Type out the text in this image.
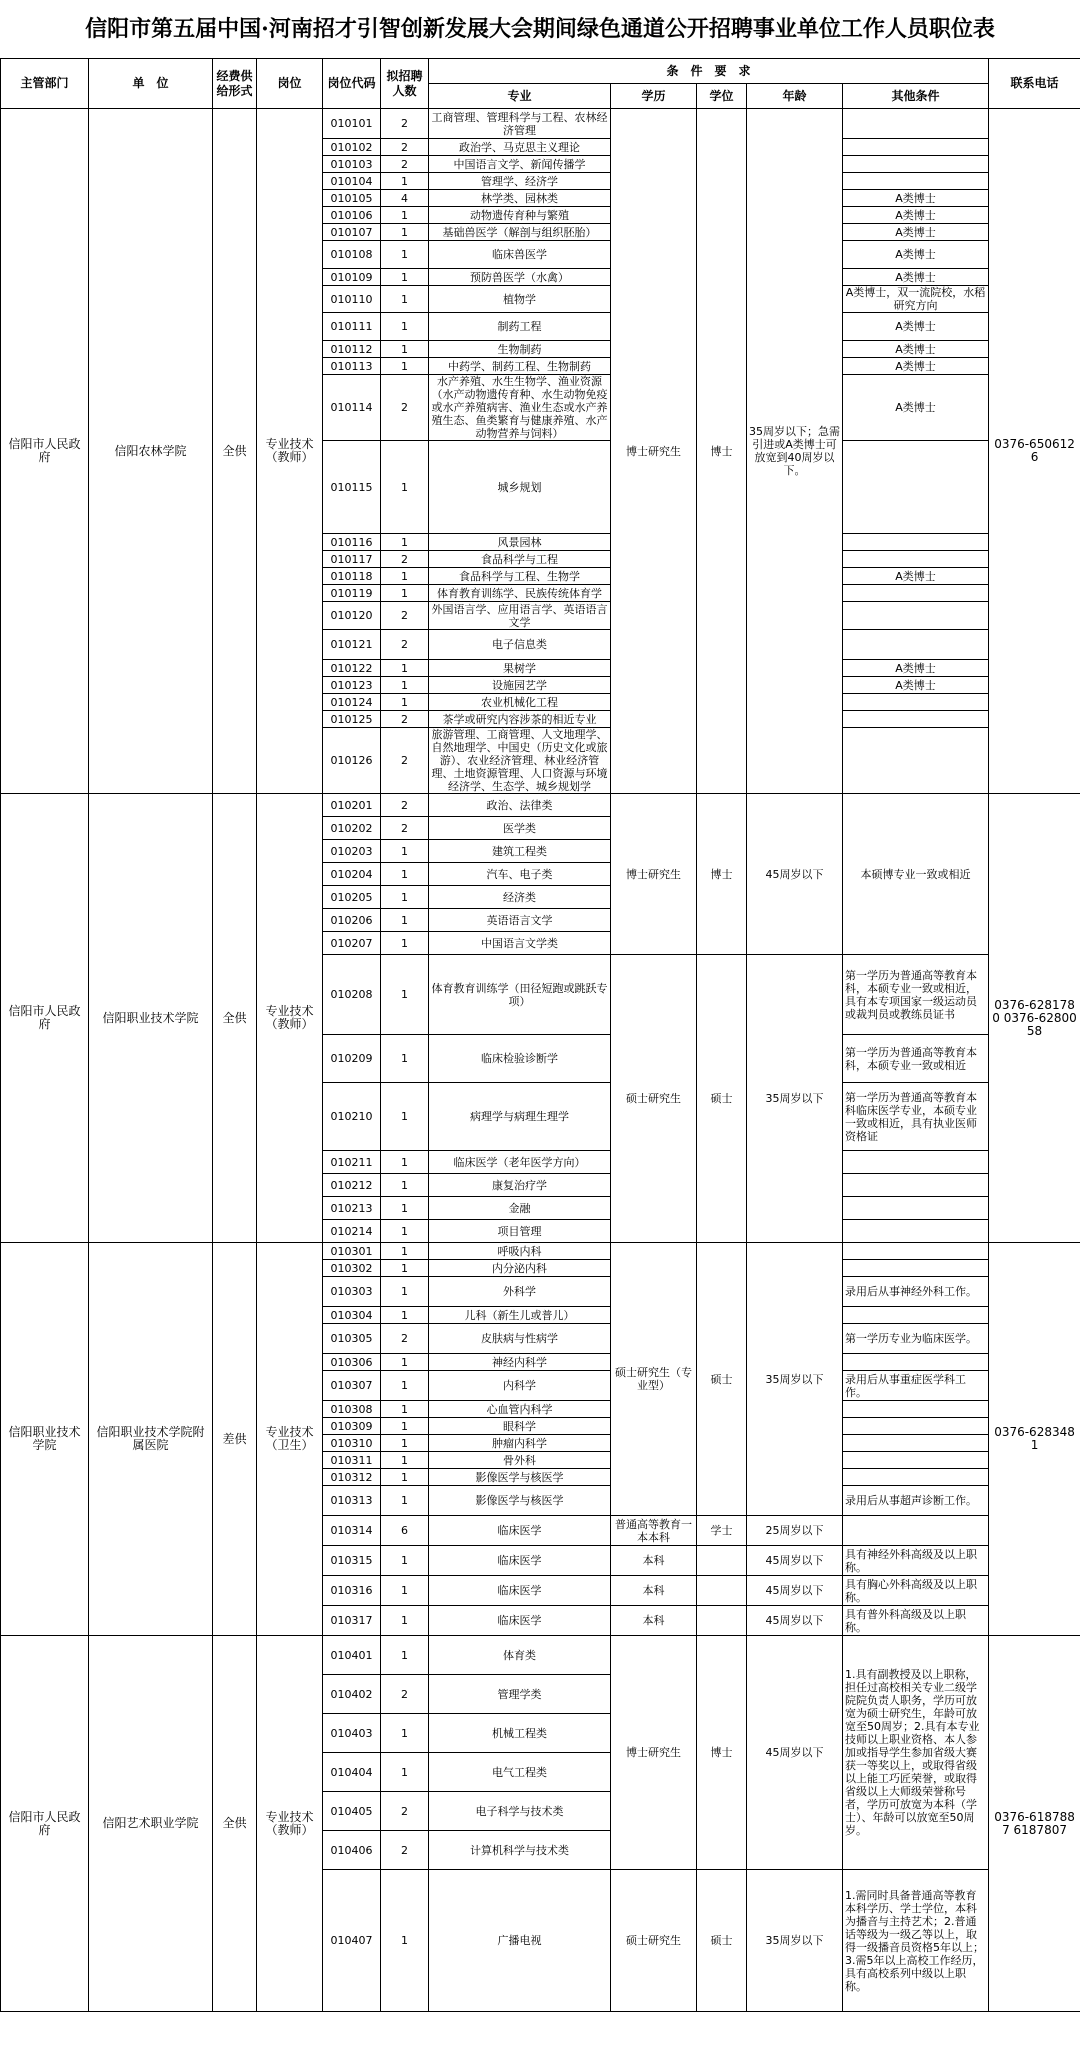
信阳市第五届中国·河南招才引智创新发展大会期间绿色通道公开招聘事业单位工作人员职位表
主管部门	单　位	经费供给形式	岗位	岗位代码	拟招聘人数	条　件　要　求					联系电话
						专业	学历	学位	年龄	其他条件	
信阳市人民政府	信阳农林学院	全供	专业技术（教师）	010101	2	工商管理、管理科学与工程、农林经济管理	博士研究生	博士	35周岁以下；急需引进或A类博士可放宽到40周岁以下。		0376-6506126
				010102	2	政治学、马克思主义理论					
				010103	2	中国语言文学、新闻传播学					
				010104	1	管理学、经济学					
				010105	4	林学类、园林类				A类博士	
				010106	1	动物遗传育种与繁殖				A类博士	
				010107	1	基础兽医学（解剖与组织胚胎）				A类博士	
				010108	1	临床兽医学				A类博士	
				010109	1	预防兽医学（水禽）				A类博士	
				010110	1	植物学				A类博士，双一流院校，水稻研究方向	
				010111	1	制药工程				A类博士	
				010112	1	生物制药				A类博士	
				010113	1	中药学、制药工程、生物制药				A类博士	
				010114	2	水产养殖、水生生物学、渔业资源（水产动物遗传育种、水生动物免疫或水产养殖病害、渔业生态或水产养殖生态、鱼类繁育与健康养殖、水产动物营养与饲料）				A类博士	
				010115	1	城乡规划					
				010116	1	风景园林					
				010117	2	食品科学与工程					
				010118	1	食品科学与工程、生物学				A类博士	
				010119	1	体育教育训练学、民族传统体育学					
				010120	2	外国语言学、应用语言学、英语语言文学					
				010121	2	电子信息类					
				010122	1	果树学				A类博士	
				010123	1	设施园艺学				A类博士	
				010124	1	农业机械化工程					
				010125	2	茶学或研究内容涉茶的相近专业					
				010126	2	旅游管理、工商管理、人文地理学、自然地理学、中国史（历史文化或旅游）、农业经济管理、林业经济管理、土地资源管理、人口资源与环境经济学、生态学、城乡规划学					
信阳市人民政府	信阳职业技术学院	全供	专业技术（教师）	010201	2	政治、法律类	博士研究生	博士	45周岁以下	本硕博专业一致或相近	0376-6281780 0376-6280058
				010202	2	医学类					
				010203	1	建筑工程类					
				010204	1	汽车、电子类					
				010205	1	经济类					
				010206	1	英语语言文学					
				010207	1	中国语言文学类					
				010208	1	体育教育训练学（田径短跑或跳跃专项）	硕士研究生	硕士	35周岁以下	第一学历为普通高等教育本科，本硕专业一致或相近，具有本专项国家一级运动员或裁判员或教练员证书	
				010209	1	临床检验诊断学				第一学历为普通高等教育本科，本硕专业一致或相近	
				010210	1	病理学与病理生理学				第一学历为普通高等教育本科临床医学专业，本硕专业一致或相近，具有执业医师资格证	
				010211	1	临床医学（老年医学方向）					
				010212	1	康复治疗学					
				010213	1	金融					
				010214	1	项目管理					
信阳职业技术学院	信阳职业技术学院附属医院	差供	专业技术（卫生）	010301	1	呼吸内科	硕士研究生（专业型）	硕士	35周岁以下		0376-6283481
				010302	1	内分泌内科					
				010303	1	外科学				录用后从事神经外科工作。	
				010304	1	儿科（新生儿或普儿）					
				010305	2	皮肤病与性病学				第一学历专业为临床医学。	
				010306	1	神经内科学					
				010307	1	内科学				录用后从事重症医学科工作。	
				010308	1	心血管内科学					
				010309	1	眼科学					
				010310	1	肿瘤内科学					
				010311	1	骨外科					
				010312	1	影像医学与核医学					
				010313	1	影像医学与核医学				录用后从事超声诊断工作。	
				010314	6	临床医学	普通高等教育一本本科	学士	25周岁以下		
				010315	1	临床医学	本科		45周岁以下	具有神经外科高级及以上职称。	
				010316	1	临床医学	本科		45周岁以下	具有胸心外科高级及以上职称。	
				010317	1	临床医学	本科		45周岁以下	具有普外科高级及以上职称。	
信阳市人民政府	信阳艺术职业学院	全供	专业技术（教师）	010401	1	体育类	博士研究生	博士	45周岁以下	1.具有副教授及以上职称，担任过高校相关专业二级学院院负责人职务，学历可放宽为硕士研究生，年龄可放宽至50周岁；2.具有本专业技师以上职业资格、本人参加或指导学生参加省级大赛获一等奖以上，或取得省级以上能工巧匠荣誉，或取得省级以上大师级荣誉称号者，学历可放宽为本科（学士）、年龄可以放宽至50周岁。	0376-6187887 6187807
				010402	2	管理学类					
				010403	1	机械工程类					
				010404	1	电气工程类					
				010405	2	电子科学与技术类					
				010406	2	计算机科学与技术类					
				010407	1	广播电视	硕士研究生	硕士	35周岁以下	1.需同时具备普通高等教育本科学历、学士学位，本科为播音与主持艺术；2.普通话等级为一级乙等以上，取得一级播音员资格5年以上；3.需5年以上高校工作经历，具有高校系列中级以上职称。	
